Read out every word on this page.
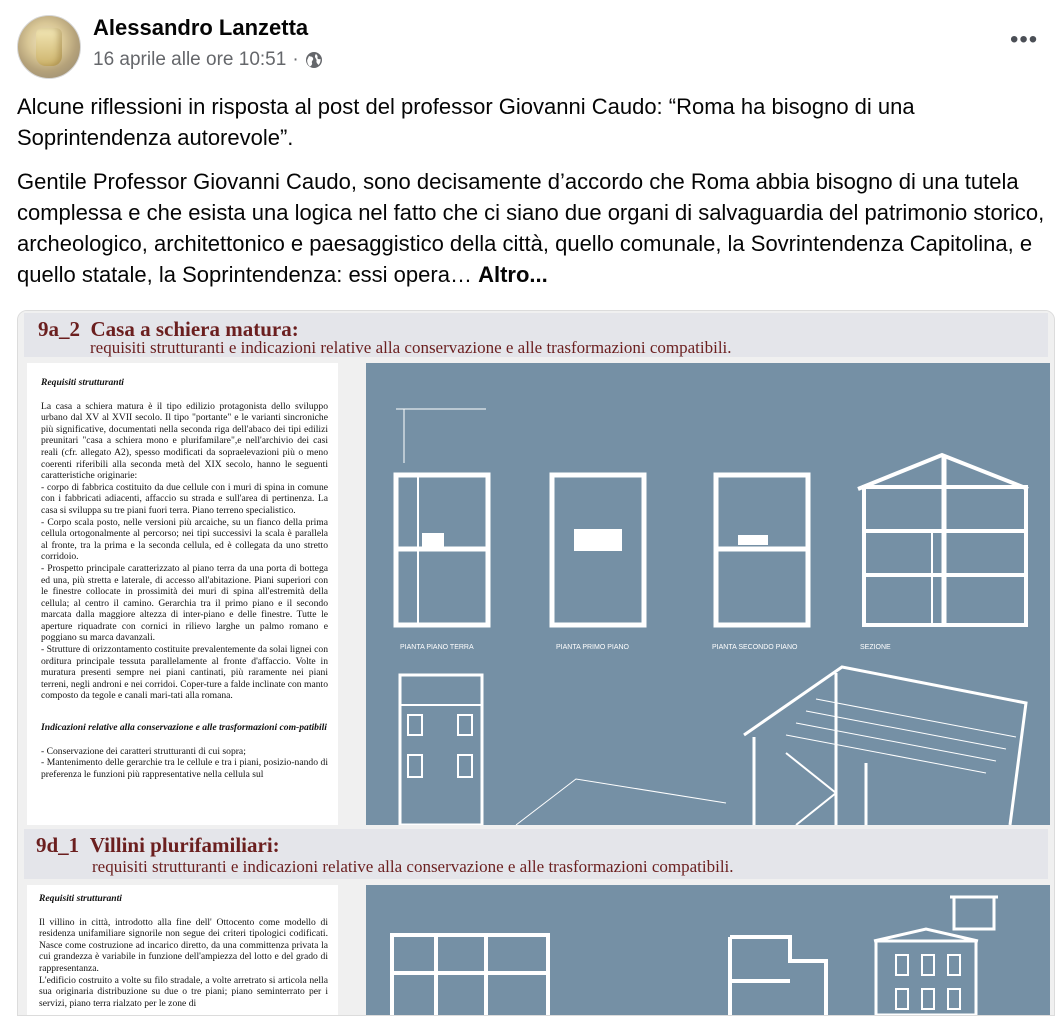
Alessandro Lanzetta
16 aprile alle ore 10:51 ·
•••
Alcune riflessioni in risposta al post del professor Giovanni Caudo: “Roma ha bisogno di una Soprintendenza autorevole”.
Gentile Professor Giovanni Caudo, sono decisamente d’accordo che Roma abbia bisogno di una tutela complessa e che esista una logica nel fatto che ci siano due organi di salvaguardia del patrimonio storico, archeologico, architettonico e paesaggistico della città, quello comunale, la Sovrintendenza Capitolina, e quello statale, la Soprintendenza: essi opera… Altro...
9a_2 Casa a schiera matura:
requisiti strutturanti e indicazioni relative alla conservazione e alle trasformazioni compatibili.
Requisiti strutturanti

La casa a schiera matura è il tipo edilizio protagonista dello sviluppo urbano dal XV al XVII secolo. Il tipo "portante" e le varianti sincroniche più significative, documentati nella seconda riga dell'abaco dei tipi edilizi preunitari "casa a schiera mono e plurifamilare",e nell'archivio dei casi reali (cfr. allegato A2), spesso modificati da sopraelevazioni più o meno coerenti riferibili alla seconda metà del XIX secolo, hanno le seguenti caratteristiche originarie:
- corpo di fabbrica costituito da due cellule con i muri di spina in comune con i fabbricati adiacenti, affaccio su strada e sull'area di pertinenza. La casa si sviluppa su tre piani fuori terra. Piano terreno specialistico.
- Corpo scala posto, nelle versioni più arcaiche, su un fianco della prima cellula ortogonalmente al percorso; nei tipi successivi la scala è parallela al fronte, tra la prima e la seconda cellula, ed è collegata da uno stretto corridoio.
- Prospetto principale caratterizzato al piano terra da una porta di bottega ed una, più stretta e laterale, di accesso all'abitazione. Piani superiori con le finestre collocate in prossimità dei muri di spina all'estremità della cellula; al centro il camino. Gerarchia tra il primo piano e il secondo marcata dalla maggiore altezza di inter-piano e delle finestre. Tutte le aperture riquadrate con cornici in rilievo larghe un palmo romano e poggiano su marca davanzali.
- Strutture di orizzontamento costituite prevalentemente da solai lignei con orditura principale tessuta parallelamente al fronte d'affaccio. Volte in muratura presenti sempre nei piani cantinati, più raramente nei piani terreni, negli androni e nei corridoi. Coper-ture a falde inclinate con manto composto da tegole e canali mari-tati alla romana.

Indicazioni relative alla conservazione e alle trasformazioni com-patibili

- Conservazione dei caratteri strutturanti di cui sopra;
- Mantenimento delle gerarchie tra le cellule e tra i piani, posizio-nando di preferenza le funzioni più rappresentative nella cellula sul

PIANTA PIANO TERRA	PIANTA PRIMO PIANO	PIANTA SECONDO PIANO	SEZIONE
9d_1 Villini plurifamiliari:
requisiti strutturanti e indicazioni relative alla conservazione e alle trasformazioni compatibili.
Requisiti strutturanti

Il villino in città, introdotto alla fine dell' Ottocento come modello di residenza unifamiliare signorile non segue dei criteri tipologici codificati. Nasce come costruzione ad incarico diretto, da una committenza privata la cui grandezza è variabile in funzione dell'ampiezza del lotto e del grado di rappresentanza.
L'edificio costruito a volte su filo stradale, a volte arretrato si articola nella sua originaria distribuzione su due o tre piani; piano seminterrato per i servizi, piano terra rialzato per le zone di
